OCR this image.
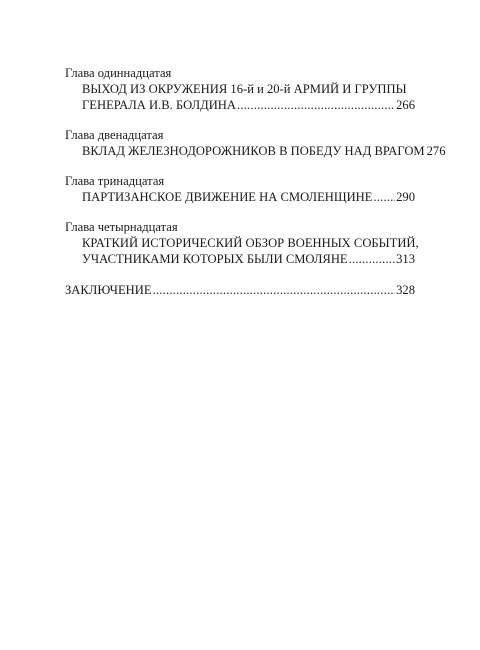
Глава одиннадцатая
ВЫХОД ИЗ ОКРУЖЕНИЯ 16-й и 20-й АРМИЙ И ГРУППЫ
ГЕНЕРАЛА И.В. БОЛДИНА .....	266
Глава двенадцатая
ВКЛАД ЖЕЛЕЗНОДОРОЖНИКОВ В ПОБЕДУ НАД ВРАГОМ 276
Глава тринадцатая
ПАРТИЗАНСКОЕ ДВИЖЕНИЕ НА СМОЛЕНЩИНЕ ..... 290
Глава четырнадцатая
КРАТКИЙ ИСТОРИЧЕСКИЙ ОБЗОР ВОЕННЫХ СОБЫТИЙ,
УЧАСТНИКАМИ КОТОРЫХ БЫЛИ СМОЛЯНЕ .....	313
ЗАКЛЮЧЕНИЕ .....	328
